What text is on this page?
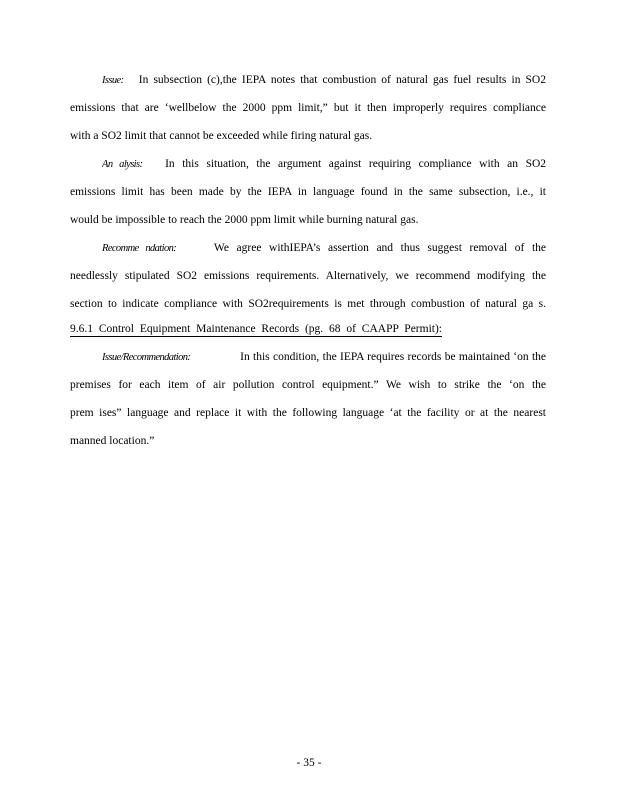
Issue: In subsection (c),the IEPA notes that combustion of natural gas fuel results in SO2
emissions that are ‘wellbelow the 2000 ppm limit,” but it then improperly requires compliance
with a SO2 limit that cannot be exceeded while firing natural gas.
An alysis: In this situation, the argument against requiring compliance with an SO2
emissions limit has been made by the IEPA in language found in the same subsection, i.e., it
would be impossible to reach the 2000 ppm limit while burning natural gas.
Recomme ndation:	We agree withIEPA’s assertion and thus suggest removal of the
needlessly stipulated SO2 emissions requirements. Alternatively, we recommend modifying the
section to indicate compliance with SO2requirements is met through combustion of natural ga s.
9.6.1 Control Equipment Maintenance Records (pg. 68 of CAAPP Permit):
Issue/Recommendation:	In this condition, the IEPA requires records be maintained ‘on the
premises for each item of air pollution control equipment.” We wish to strike the ‘on the
prem ises” language and replace it with the following language ‘at the facility or at the nearest
manned location.”
- 35 -
